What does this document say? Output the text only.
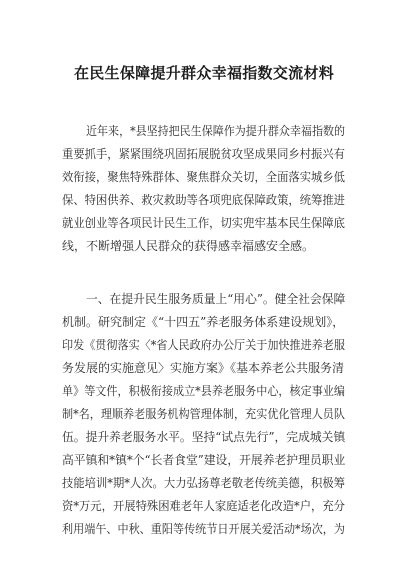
在民生保障提升群众幸福指数交流材料
近年来，*县坚持把民生保障作为提升群众幸福指数的
重要抓手，紧紧围绕巩固拓展脱贫攻坚成果同乡村振兴有
效衔接，聚焦特殊群体、聚焦群众关切，全面落实城乡低
保、特困供养、救灾救助等各项兜底保障政策，统筹推进
就业创业等各项民计民生工作，切实兜牢基本民生保障底
线，不断增强人民群众的获得感幸福感安全感。
一、在提升民生服务质量上“用心”。健全社会保障
机制。研究制定《“十四五”养老服务体系建设规划》，
印发《贯彻落实〈*省人民政府办公厅关于加快推进养老服
务发展的实施意见〉实施方案》《基本养老公共服务清
单》等文件，积极衔接成立*县养老服务中心，核定事业编
制*名，理顺养老服务机构管理体制，充实优化管理人员队
伍。提升养老服务水平。坚持“试点先行”，完成城关镇
高平镇和*镇*个“长者食堂”建设，开展养老护理员职业
技能培训*期*人次。大力弘扬尊老敬老传统美德，积极筹
资*万元，开展特殊困难老年人家庭适老化改造*户，充分
利用端午、中秋、重阳等传统节日开展关爱活动*场次，为
